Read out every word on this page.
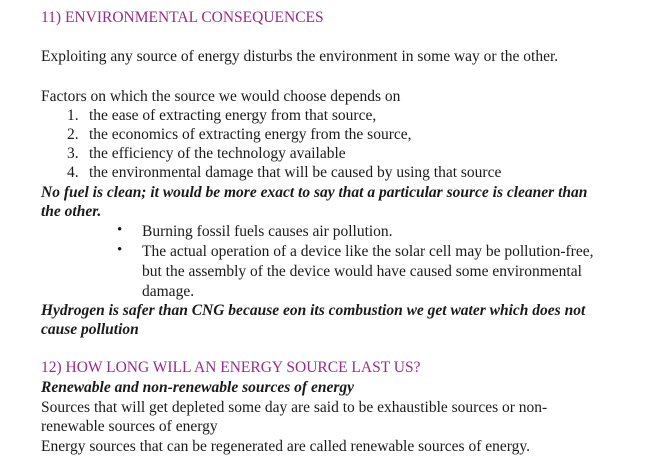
11) ENVIRONMENTAL CONSEQUENCES
Exploiting any source of energy disturbs the environment in some way or the other.
Factors on which the source we would choose depends on
1. the ease of extracting energy from that source,
2. the economics of extracting energy from the source,
3. the efficiency of the technology available
4. the environmental damage that will be caused by using that source
No fuel is clean; it would be more exact to say that a particular source is cleaner than
the other.
• Burning fossil fuels causes air pollution.
• The actual operation of a device like the solar cell may be pollution-free,
but the assembly of the device would have caused some environmental
damage.
Hydrogen is safer than CNG because eon its combustion we get water which does not
cause pollution
12) HOW LONG WILL AN ENERGY SOURCE LAST US?
Renewable and non-renewable sources of energy
Sources that will get depleted some day are said to be exhaustible sources or non-
renewable sources of energy
Energy sources that can be regenerated are called renewable sources of energy.
